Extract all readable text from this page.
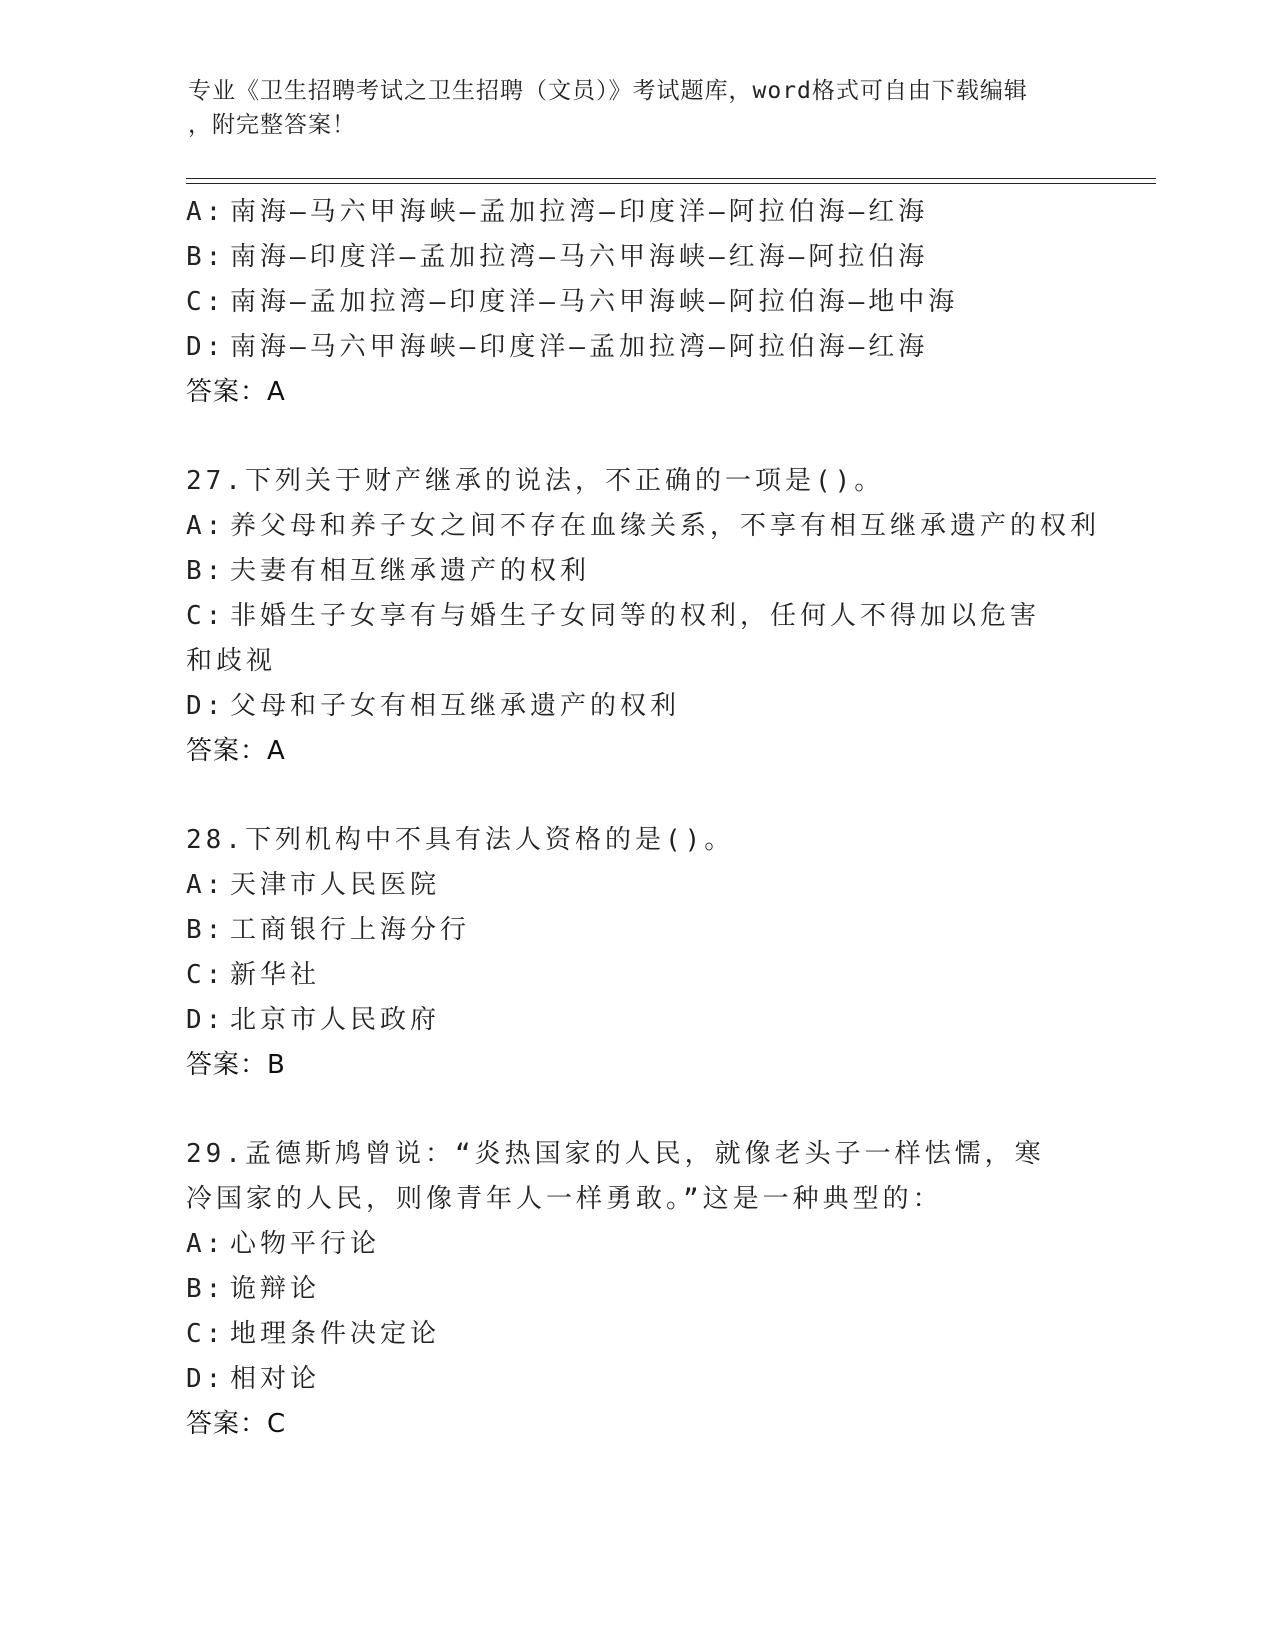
专业《卫生招聘考试之卫生招聘（文员）》考试题库，word格式可自由下载编辑
，附完整答案！
A: 南海—马六甲海峡—孟加拉湾—印度洋—阿拉伯海—红海
B: 南海—印度洋—孟加拉湾—马六甲海峡—红海—阿拉伯海
C: 南海—孟加拉湾—印度洋—马六甲海峡—阿拉伯海—地中海
D: 南海—马六甲海峡—印度洋—孟加拉湾—阿拉伯海—红海
答案：A
27.下列关于财产继承的说法，不正确的一项是()。
A: 养父母和养子女之间不存在血缘关系，不享有相互继承遗产的权利
B: 夫妻有相互继承遗产的权利
C: 非婚生子女享有与婚生子女同等的权利，任何人不得加以危害和歧视
D: 父母和子女有相互继承遗产的权利
答案：A
28.下列机构中不具有法人资格的是()。
A: 天津市人民医院
B: 工商银行上海分行
C: 新华社
D: 北京市人民政府
答案：B
29.孟德斯鸠曾说：“炎热国家的人民，就像老头子一样怯懦，寒冷国家的人民，则像青年人一样勇敢。”这是一种典型的：
A: 心物平行论
B: 诡辩论
C: 地理条件决定论
D: 相对论
答案：C
